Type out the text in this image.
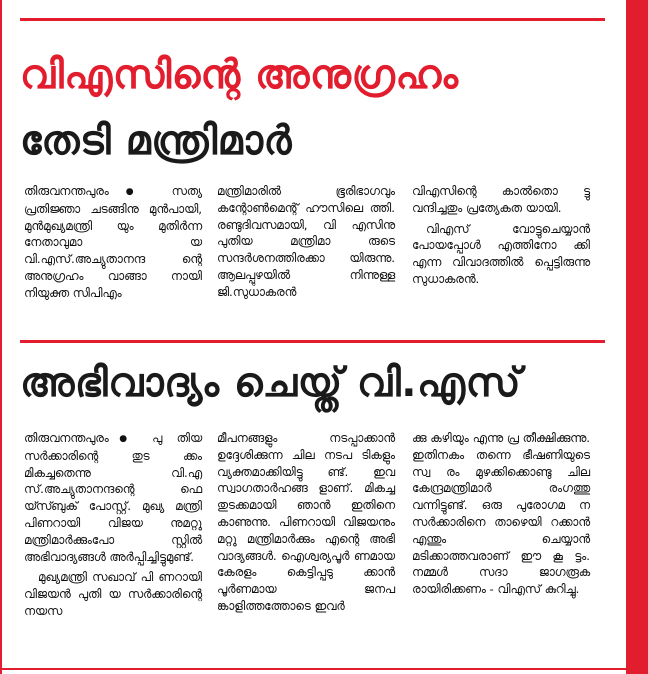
വിഎസിന്റെ അനുഗ്രഹം
തേടി മന്ത്രിമാർ

തിരുവനന്തപുരം● സത്യ പ്രതിജ്ഞാ ചടങ്ങിനു മുൻപായി, മുൻമുഖ്യമന്ത്രി യും മുതിർന്ന നേതാവുമാ യ വി.എസ്.അച്യുതാനന്ദ ന്റെ അനുഗ്രഹം വാങ്ങാ നായി നിയുക്ത സിപിഎം

മന്ത്രിമാരിൽ ഭൂരിഭാഗവും കന്റോൺമെന്റ് ഹൗസിലെ ത്തി. രണ്ടുദിവസമായി, വി എസിനു പുതിയ മന്ത്രിമാ രുടെ സന്ദർശനത്തിരക്കാ യിരുന്നു. ആലപ്പുഴയിൽ നിന്നുള്ള ജി.സുധാകരൻ

വിഎസിന്റെ കാൽതൊ ട്ടു വന്ദിച്ചതും പ്രത്യേകത യായി.

വിഎസ് വോട്ടുചെയ്യാൻ പോയപ്പോൾ എത്തിനോ ക്കി എന്ന വിവാദത്തിൽ പ്പെട്ടിരുന്നു സുധാകരൻ.

അഭിവാദ്യം ചെയ്ത് വി.എസ്

തിരുവനന്തപുരം● പു തിയ സർക്കാരിന്റെ തുട ക്കം മികച്ചതെന്നു വി.എ സ്.അച്യുതാനന്ദന്റെ ഫെ യ്സ്ബുക് പോസ്റ്റ്. മുഖ്യ മന്ത്രി പിണറായി വിജയ നുമറ്റു മന്ത്രിമാർക്കുംപോ സ്റ്റിൽ അഭിവാദ്യങ്ങൾ അർപ്പിച്ചിട്ടുമുണ്ട്.

മുഖ്യമന്ത്രി സഖാവ് പി ണറായി വിജയൻ പുതി യ സർക്കാരിന്റെ നയസ

മീപനങ്ങളും നടപ്പാക്കാൻ ഉദ്ദേശിക്കുന്ന ചില നടപ ടികളും വ്യക്തമാക്കിയിട്ടു ണ്ട്. ഇവ സ്വാഗതാർഹങ്ങ ളാണ്. മികച്ച തുടക്കമായി ഞാൻ ഇതിനെ കാണുന്നു. പിണറായി വിജയനും മറ്റു മന്ത്രിമാർക്കും എന്റെ അഭി വാദ്യങ്ങൾ. ഐശ്വര്യപൂർ ണമായ കേരളം കെട്ടിപ്പടു ക്കാൻ പൂർണമായ ജനപ ങ്കാളിത്തത്തോടെ ഇവർ

ക്കു കഴിയും എന്നു പ്ര തീക്ഷിക്കുന്നു. ഇതിനകം തന്നെ ഭീഷണിയുടെ സ്വ രം മുഴക്കിക്കൊണ്ടു ചില കേന്ദ്രമന്ത്രിമാർ രംഗത്തു വന്നിട്ടുണ്ട്. ഒരു പുരോഗമ ന സർക്കാരിനെ താഴെയി റക്കാൻ എന്തും ചെയ്യാൻ മടിക്കാത്തവരാണ് ഈ കൂ ട്ടം. നമ്മൾ സദാ ജാഗരൂക രായിരിക്കണം - വിഎസ് കുറിച്ചു.
